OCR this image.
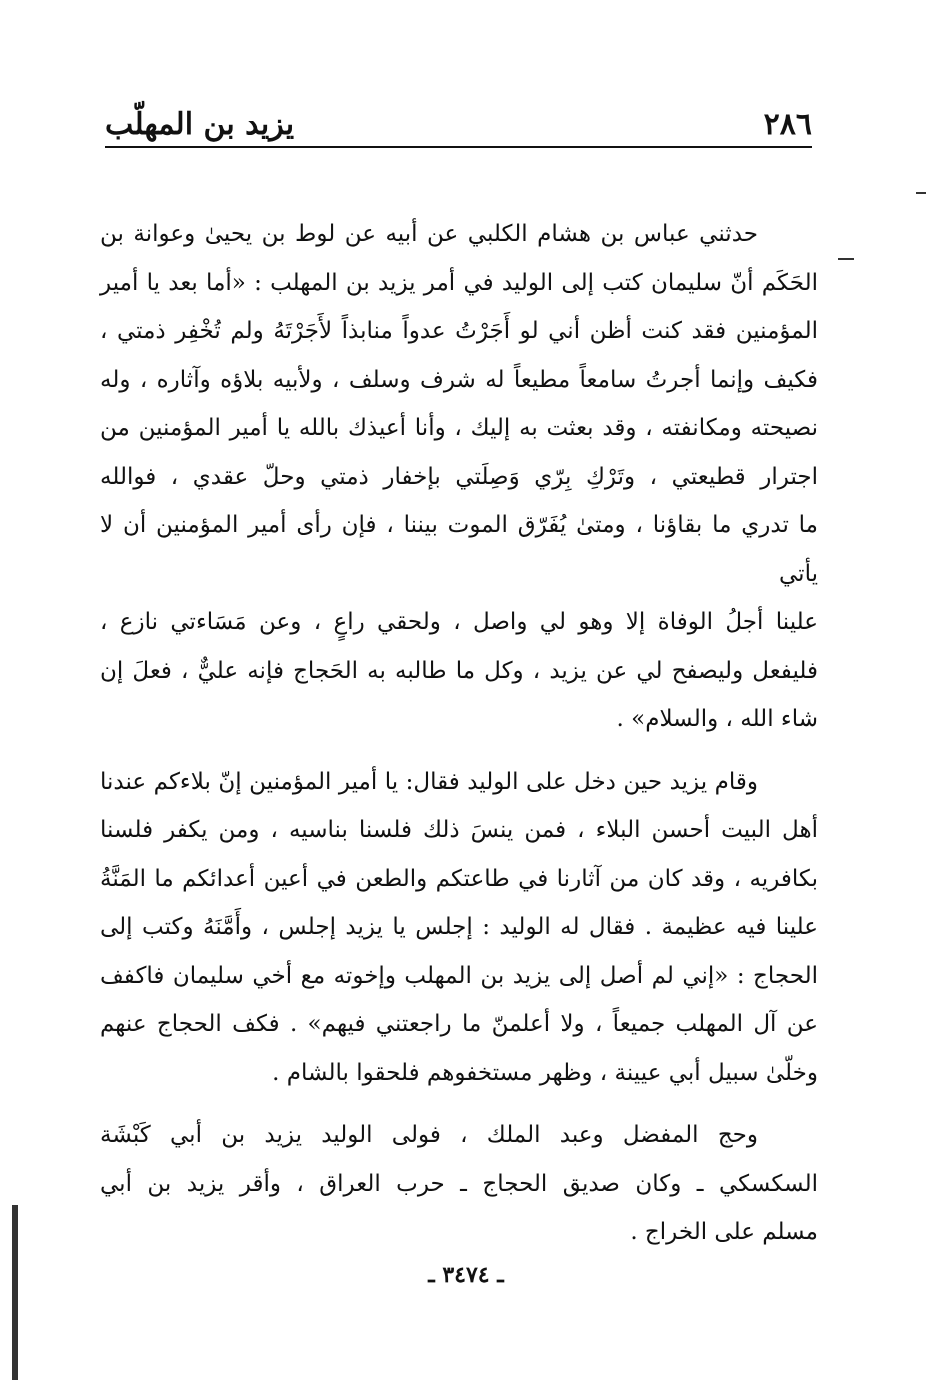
٢٨٦
يزيد بن المهلّب

حدثني عباس بن هشام الكلبي عن أبيه عن لوط بن يحيىٰ وعوانة بن
الحَكَم أنّ سليمان كتب إلى الوليد في أمر يزيد بن المهلب : «أما بعد يا أمير
المؤمنين فقد كنت أظن أني لو أَجَرْتُ عدواً منابذاً لأَجَرْتَهُ ولم تُخْفِر ذمتي ،
فكيف وإنما أجرتُ سامعاً مطيعاً له شرف وسلف ، ولأبيه بلاؤه وآثاره ، وله
نصيحته ومكانفته ، وقد بعثت به إليك ، وأنا أعيذك بالله يا أمير المؤمنين من
اجترار قطيعتي ، وتَرْكِ بِرّي وَصِلَتي بإخفار ذمتي وحلّ عقدي ، فوالله
ما تدري ما بقاؤنا ، ومتىٰ يُفَرّق الموت بيننا ، فإن رأى أمير المؤمنين أن لا يأتي
علينا أجلُ الوفاة إلا وهو لي واصل ، ولحقي راعٍ ، وعن مَسَاءتي نازع ،
فليفعل وليصفح لي عن يزيد ، وكل ما طالبه به الحَجاج فإنه عليٌّ ، فعلَ إن
شاء الله ، والسلام» .

وقام يزيد حين دخل على الوليد فقال: يا أمير المؤمنين إنّ بلاءكم عندنا
أهل البيت أحسن البلاء ، فمن ينسَ ذلك فلسنا بناسيه ، ومن يكفر فلسنا
بكافريه ، وقد كان من آثارنا في طاعتكم والطعن في أعين أعدائكم ما المَنَّةُ
علينا فيه عظيمة . فقال له الوليد : إجلس يا يزيد إجلس ، وأَمَّنَهُ وكتب إلى
الحجاج : «إني لم أصل إلى يزيد بن المهلب وإخوته مع أخي سليمان فاكفف
عن آل المهلب جميعاً ، ولا أعلمنّ ما راجعتني فيهم» . فكف الحجاج عنهم
وخلّىٰ سبيل أبي عيينة ، وظهر مستخفوهم فلحقوا بالشام .

وحج المفضل وعبد الملك ، فولى الوليد يزيد بن أبي كَبْشَة
السكسكي ـ وكان صديق الحجاج ـ حرب العراق ، وأقر يزيد بن أبي
مسلم على الخراج .

ـ ٣٤٧٤ ـ
